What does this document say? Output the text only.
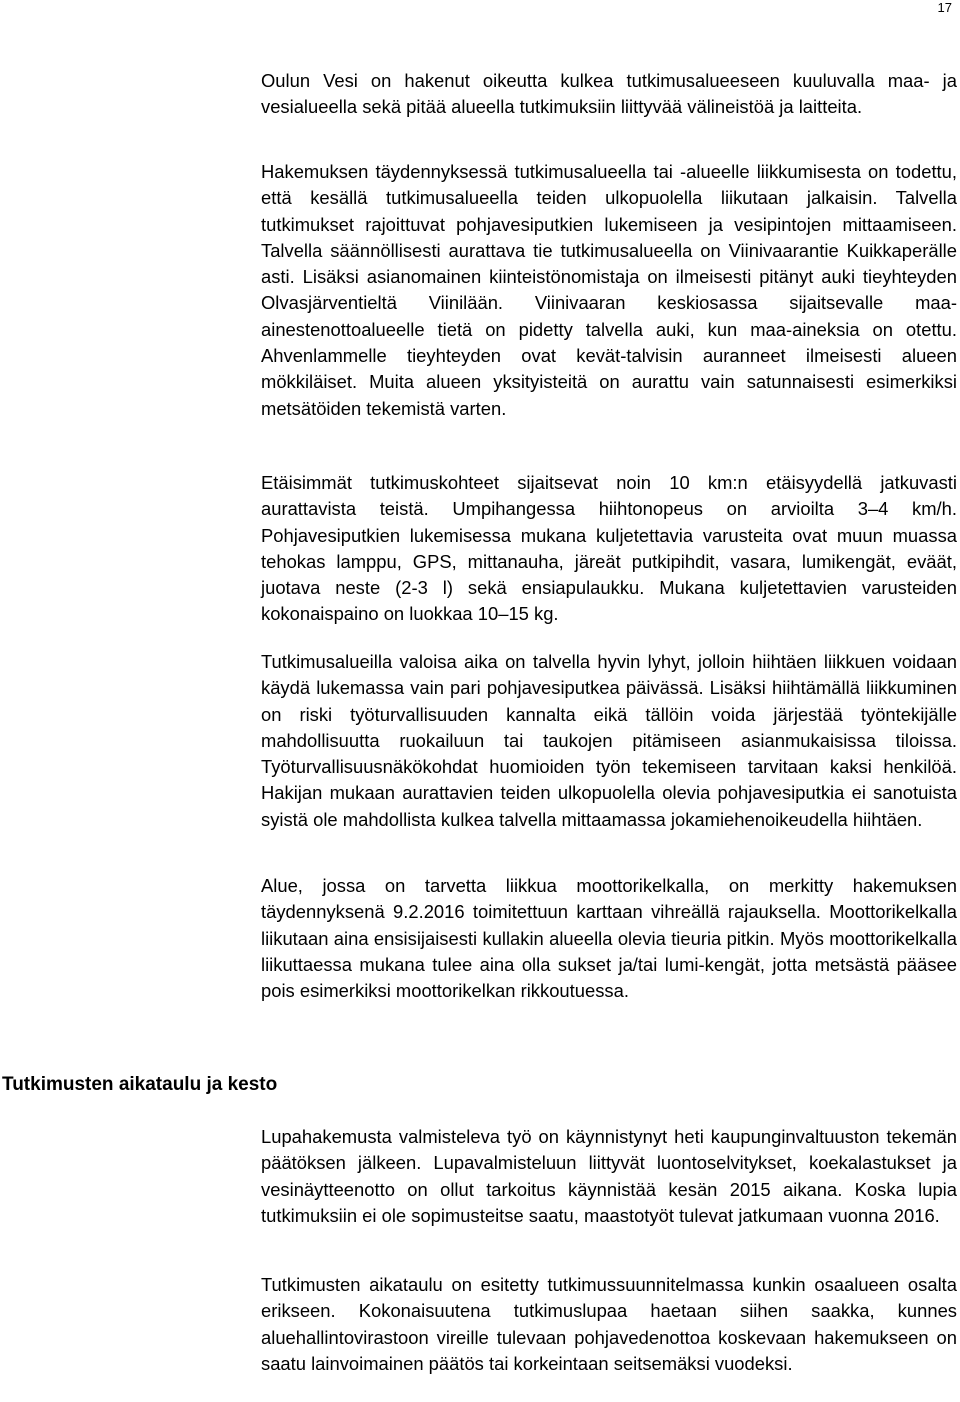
17

Oulun Vesi on hakenut oikeutta kulkea tutkimusalueeseen kuuluvalla maa- ja vesialueella sekä pitää alueella tutkimuksiin liittyvää välineistöä ja laitteita.

Hakemuksen täydennyksessä tutkimusalueella tai -alueelle liikkumisesta on todettu, että kesällä tutkimusalueella teiden ulkopuolella liikutaan jalkaisin. Talvella tutkimukset rajoittuvat pohjavesiputkien lukemiseen ja vesipintojen mittaamiseen. Talvella säännöllisesti aurattava tie tutkimusalueella on Viinivaarantie Kuikkaperälle asti. Lisäksi asianomainen kiinteistönomistaja on ilmeisesti pitänyt auki tieyhteyden Olvasjärventieltä Viinilään. Viinivaaran keskiosassa sijaitsevalle maa-ainestenottoalueelle tietä on pidetty talvella auki, kun maa-aineksia on otettu. Ahvenlammelle tieyhteyden ovat kevät-talvisin auranneet ilmeisesti alueen mökkiläiset. Muita alueen yksityisteitä on aurattu vain satunnaisesti esimerkiksi metsätöiden tekemistä varten.

Etäisimmät tutkimuskohteet sijaitsevat noin 10 km:n etäisyydellä jatkuvasti aurattavista teistä. Umpihangessa hiihtonopeus on arvioilta 3–4 km/h. Pohjavesiputkien lukemisessa mukana kuljetettavia varusteita ovat muun muassa tehokas lamppu, GPS, mittanauha, järeät putkipihdit, vasara, lumikengät, eväät, juotava neste (2-3 l) sekä ensiapulaukku. Mukana kuljetettavien varusteiden kokonaispaino on luokkaa 10–15 kg.

Tutkimusalueilla valoisa aika on talvella hyvin lyhyt, jolloin hiihtäen liikkuen voidaan käydä lukemassa vain pari pohjavesiputkea päivässä. Lisäksi hiihtämällä liikkuminen on riski työturvallisuuden kannalta eikä tällöin voida järjestää työntekijälle mahdollisuutta ruokailuun tai taukojen pitämiseen asianmukaisissa tiloissa. Työturvallisuusnäkökohdat huomioiden työn tekemiseen tarvitaan kaksi henkilöä. Hakijan mukaan aurattavien teiden ulkopuolella olevia pohjavesiputkia ei sanotuista syistä ole mahdollista kulkea talvella mittaamassa jokamiehenoikeudella hiihtäen.

Alue, jossa on tarvetta liikkua moottorikelkalla, on merkitty hakemuksen täydennyksenä 9.2.2016 toimitettuun karttaan vihreällä rajauksella. Moottorikelkalla liikutaan aina ensisijaisesti kullakin alueella olevia tieuria pitkin. Myös moottorikelkalla liikuttaessa mukana tulee aina olla sukset ja/tai lumi-kengät, jotta metsästä pääsee pois esimerkiksi moottorikelkan rikkoutuessa.

Tutkimusten aikataulu ja kesto

Lupahakemusta valmisteleva työ on käynnistynyt heti kaupunginvaltuuston tekemän päätöksen jälkeen. Lupavalmisteluun liittyvät luontoselvitykset, koekalastukset ja vesinäytteenotto on ollut tarkoitus käynnistää kesän 2015 aikana. Koska lupia tutkimuksiin ei ole sopimusteitse saatu, maastotyöt tulevat jatkumaan vuonna 2016.

Tutkimusten aikataulu on esitetty tutkimussuunnitelmassa kunkin osaalueen osalta erikseen. Kokonaisuutena tutkimuslupaa haetaan siihen saakka, kunnes aluehallintovirastoon vireille tulevaan pohjavedenottoa koskevaan hakemukseen on saatu lainvoimainen päätös tai korkeintaan seitsemäksi vuodeksi.
